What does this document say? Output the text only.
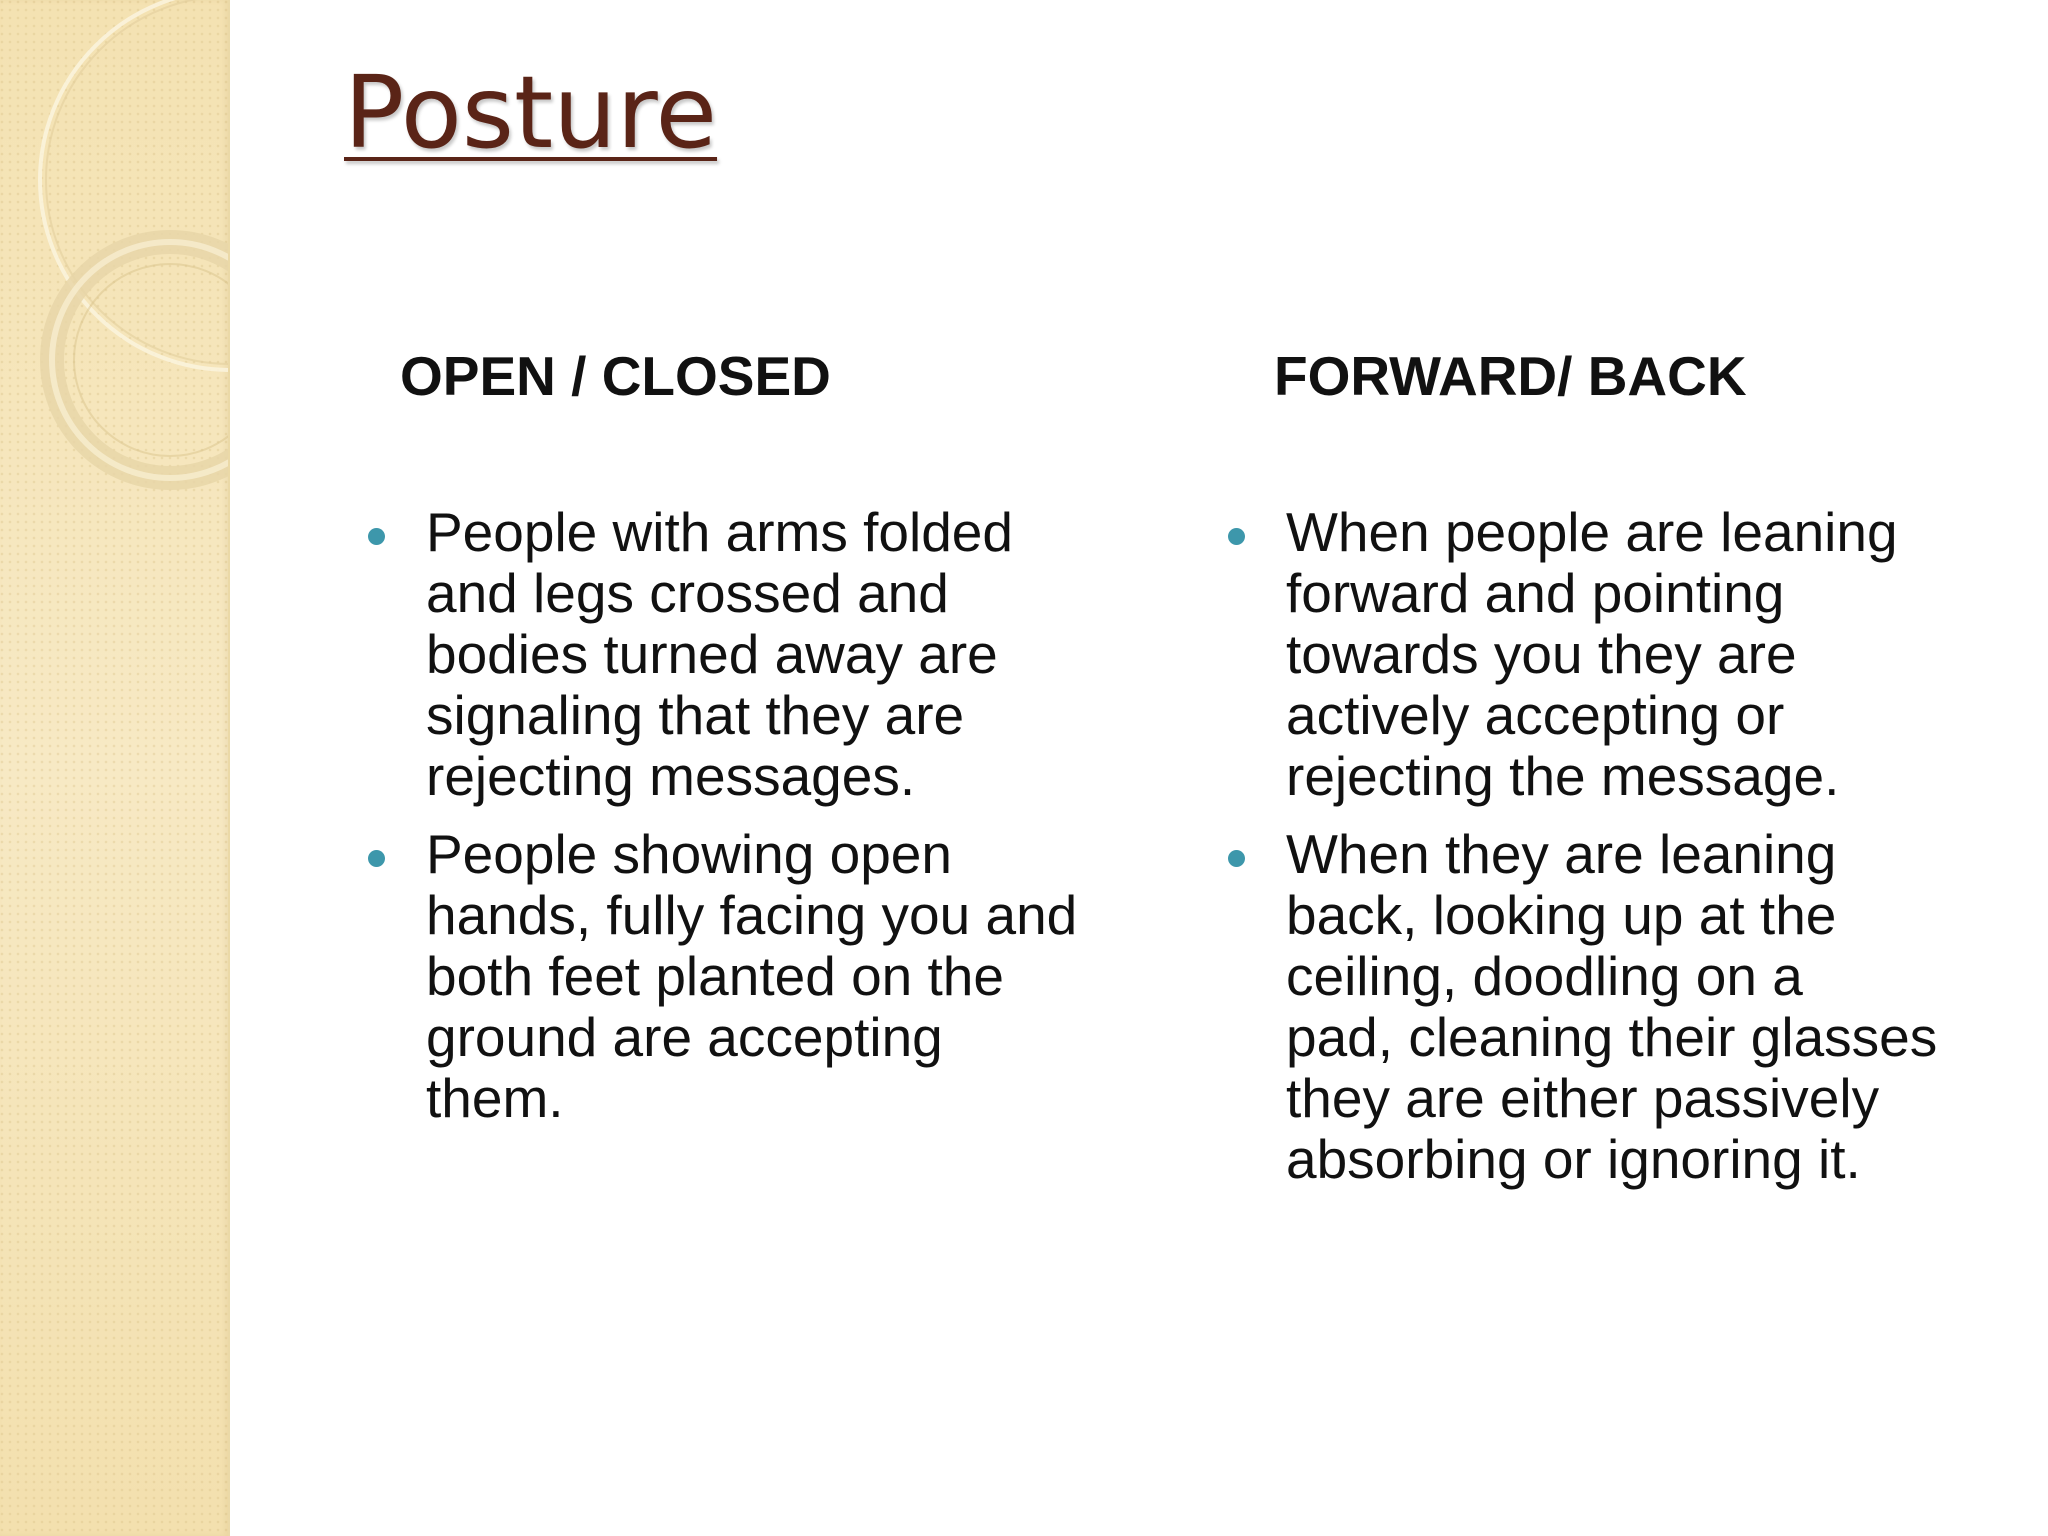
Posture
OPEN / CLOSED	FORWARD/ BACK
People with arms folded
and legs crossed and
bodies turned away are
signaling that they are
rejecting messages.
People showing open
hands, fully facing you and
both feet planted on the
ground are accepting
them.
When people are leaning
forward and pointing
towards you they are
actively accepting or
rejecting the message.
When they are leaning
back, looking up at the
ceiling, doodling on a
pad, cleaning their glasses
they are either passively
absorbing or ignoring it.
